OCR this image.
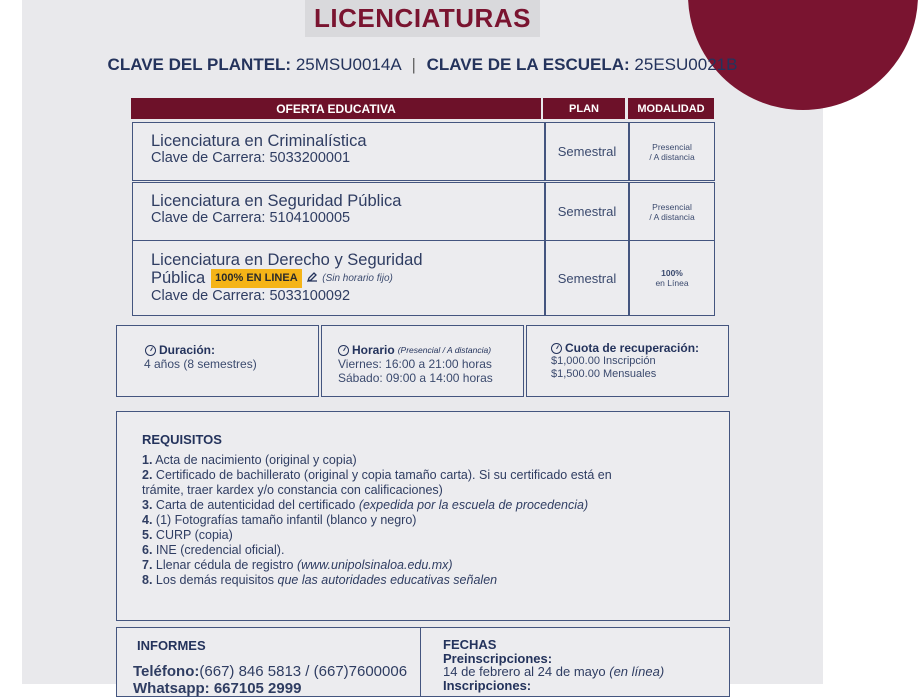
LICENCIATURAS
CLAVE DEL PLANTEL: 25MSU0014A | CLAVE DE LA ESCUELA: 25ESU0021B
OFERTA EDUCATIVA	PLAN	MODALIDAD
Licenciatura en Criminalística
Clave de Carrera: 5033200001	Semestral	Presencial
/ A distancia
Licenciatura en Seguridad Pública
Clave de Carrera: 5104100005	Semestral	Presencial
/ A distancia
Licenciatura en Derecho y Seguridad
Pública 100% EN LINEA (Sin horario fijo)
Clave de Carrera: 5033100092
Semestral	100%
en Línea
Duración:
4 años (8 semestres)
Horario (Presencial / A distancia)
Viernes: 16:00 a 21:00 horas
Sábado: 09:00 a 14:00 horas
Cuota de recuperación:
$1,000.00 Inscripción
$1,500.00 Mensuales
REQUISITOS
1. Acta de nacimiento (original y copia)
2. Certificado de bachillerato (original y copia tamaño carta). Si su certificado está en
trámite, traer kardex y/o constancia con calificaciones)
3. Carta de autenticidad del certificado (expedida por la escuela de procedencia)
4. (1) Fotografías tamaño infantil (blanco y negro)
5. CURP (copia)
6. INE (credencial oficial).
7. Llenar cédula de registro (www.unipolsinaloa.edu.mx)
8. Los demás requisitos que las autoridades educativas señalen
INFORMES
Teléfono:(667) 846 5813 / (667)7600006
Whatsapp: 667105 2999
FECHAS
Preinscripciones:
14 de febrero al 24 de mayo (en línea)
Inscripciones:
